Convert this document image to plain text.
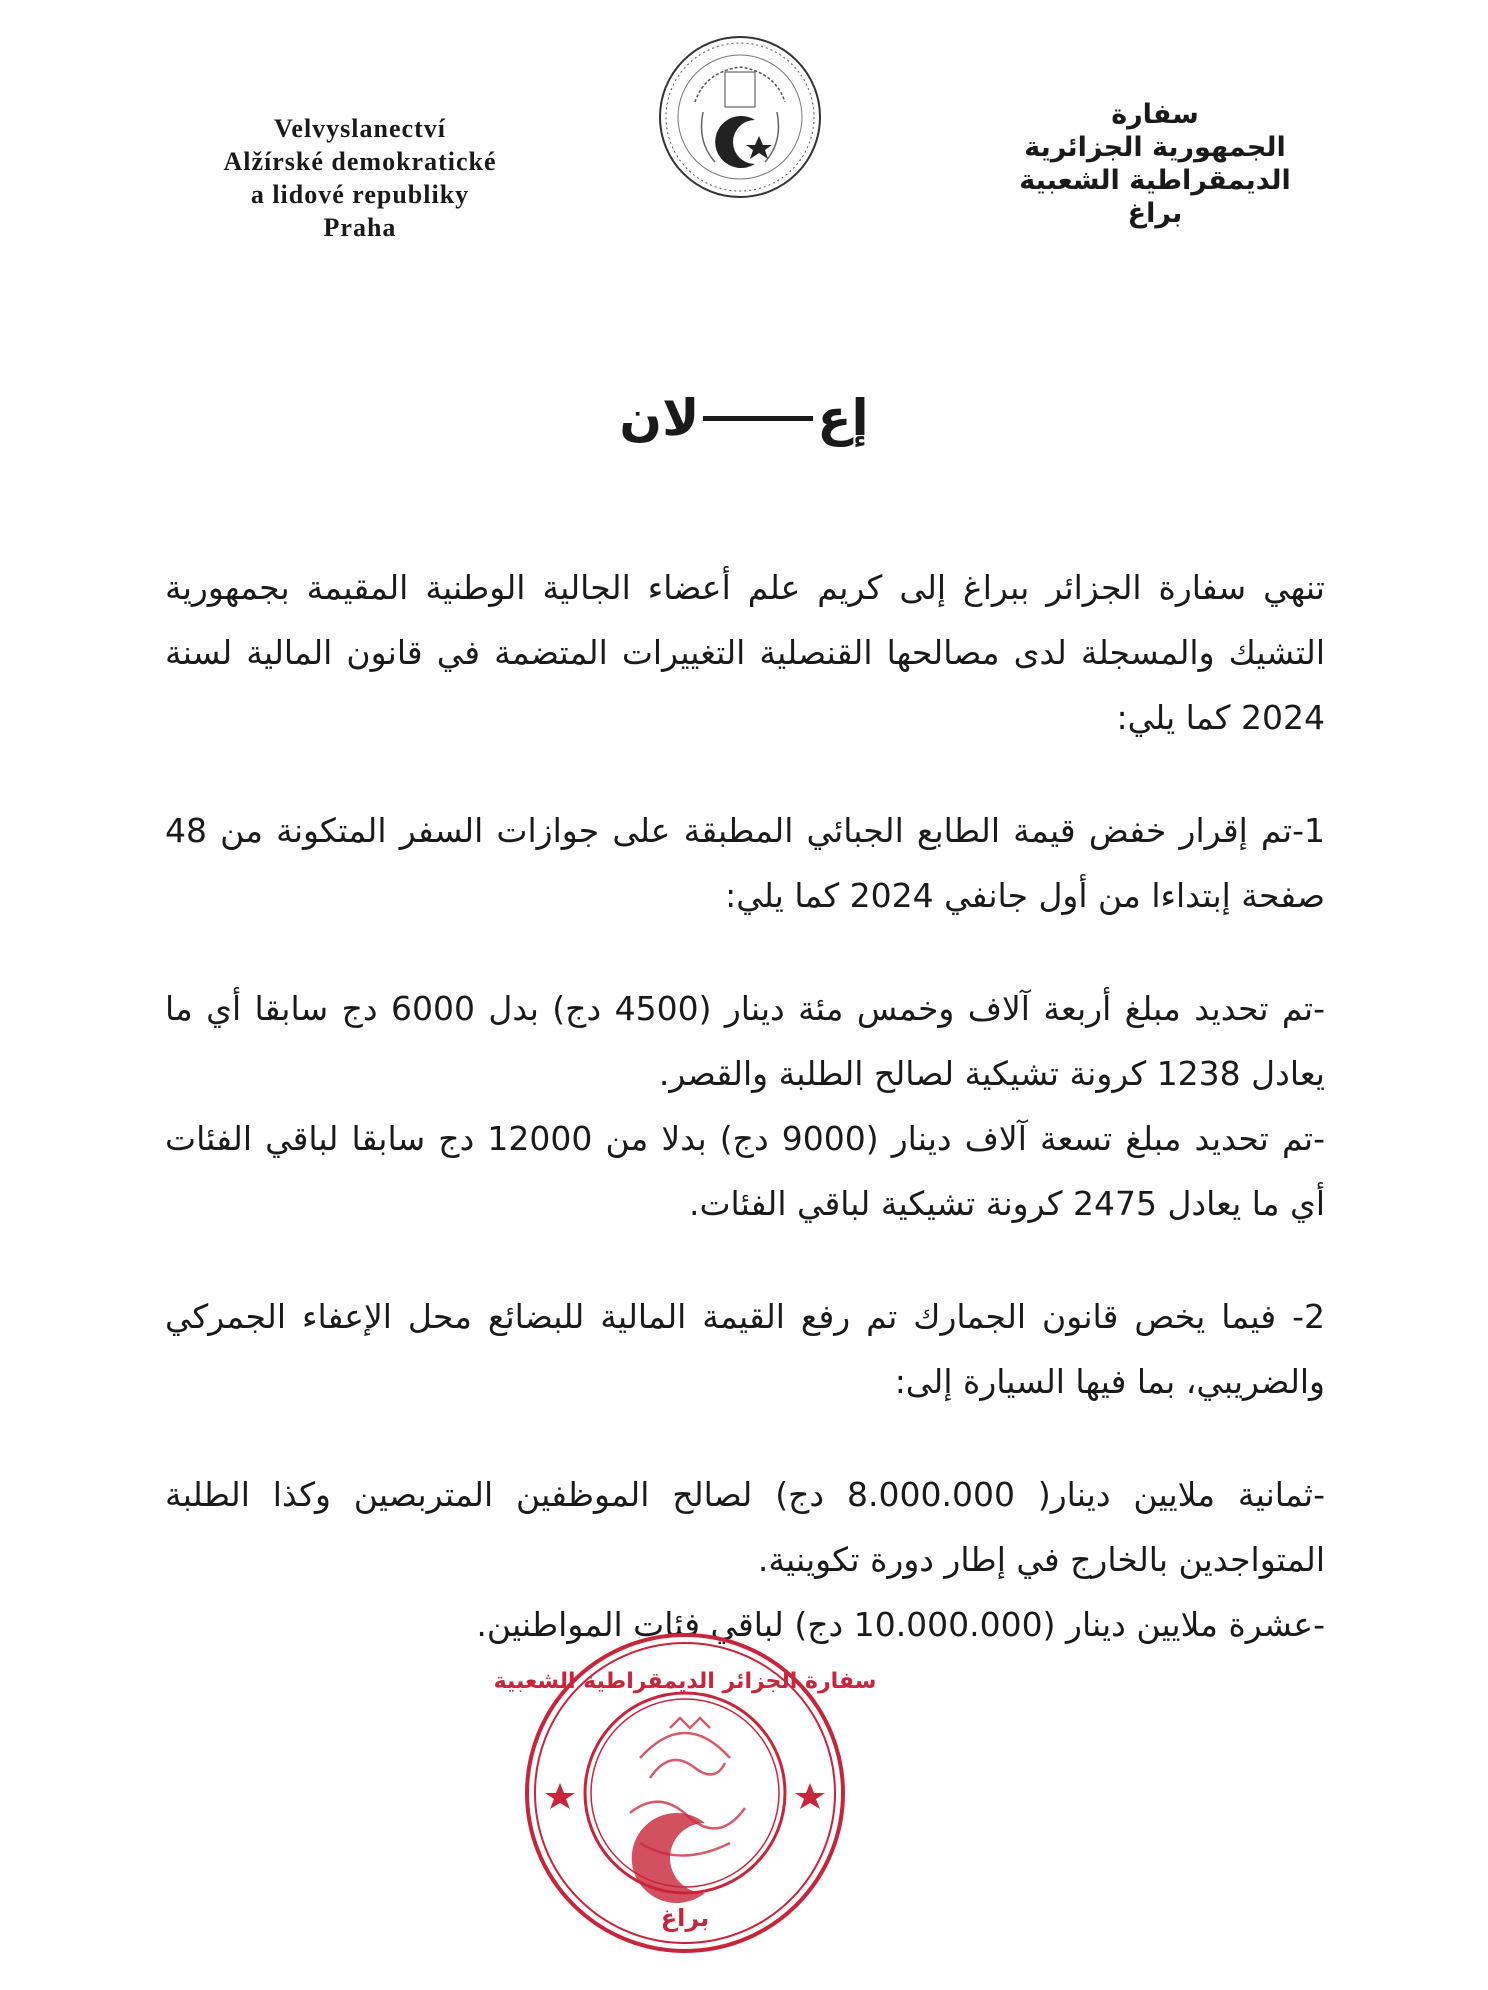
Velvyslanectví
Alžírské demokratické
a lidové republiky
Praha
سفارة
الجمهورية الجزائرية
الديمقراطية الشعبية
براغ
إعلان

تنهي سفارة الجزائر ببراغ إلى كريم علم أعضاء الجالية الوطنية المقيمة بجمهورية التشيك والمسجلة لدى مصالحها القنصلية التغييرات المتضمة في قانون المالية لسنة 2024 كما يلي:

1-تم إقرار خفض قيمة الطابع الجبائي المطبقة على جوازات السفر المتكونة من 48 صفحة إبتداءا من أول جانفي 2024 كما يلي:

-تم تحديد مبلغ أربعة آلاف وخمس مئة دينار (4500 دج) بدل 6000 دج سابقا أي ما يعادل 1238 كرونة تشيكية لصالح الطلبة والقصر.

-تم تحديد مبلغ تسعة آلاف دينار (9000 دج) بدلا من 12000 دج سابقا لباقي الفئات أي ما يعادل 2475 كرونة تشيكية لباقي الفئات.

2- فيما يخص قانون الجمارك تم رفع القيمة المالية للبضائع محل الإعفاء الجمركي والضريبي، بما فيها السيارة إلى:

-ثمانية ملايين دينار( 8.000.000 دج) لصالح الموظفين المتربصين وكذا الطلبة المتواجدين بالخارج في إطار دورة تكوينية.

-عشرة ملايين دينار (10.000.000 دج) لباقي فئات المواطنين.

سفارة الجزائر الديمقراطية الشعبية
براغ
